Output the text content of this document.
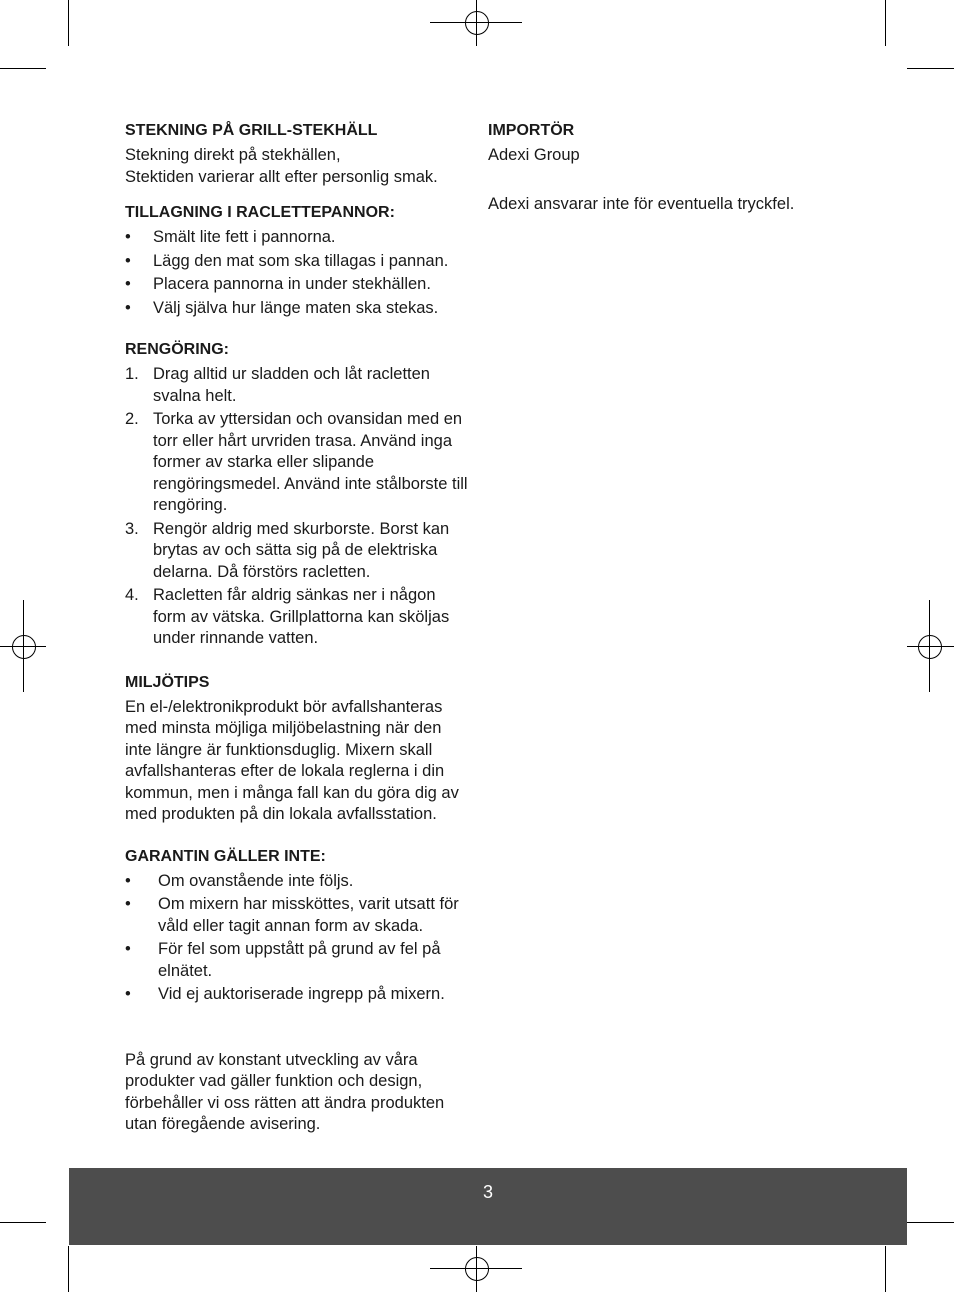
STEKNING PÅ GRILL-STEKHÄLL

Stekning direkt på stekhällen,

Stektiden varierar allt efter personlig smak.

TILLAGNING I RACLETTEPANNOR:
• Smält lite fett i pannorna.
• Lägg den mat som ska tillagas i pannan.
• Placera pannorna in under stekhällen.
• Välj själva hur länge maten ska stekas.
RENGÖRING:
1. Drag alltid ur sladden och låt racletten svalna helt.
2. Torka av yttersidan och ovansidan med en torr eller hårt urvriden trasa. Använd inga former av starka eller slipande rengöringsmedel. Använd inte stålborste till rengöring.
3. Rengör aldrig med skurborste. Borst kan brytas av och sätta sig på de elektriska delarna. Då förstörs racletten.
4. Racletten får aldrig sänkas ner i någon form av vätska. Grillplattorna kan sköljas under rinnande vatten.
MILJÖTIPS

En el-/elektronikprodukt bör avfallshanteras med minsta möjliga miljöbelastning när den inte längre är funktionsduglig. Mixern skall avfallshanteras efter de lokala reglerna i din kommun, men i många fall kan du göra dig av med produkten på din lokala avfallsstation.

GARANTIN GÄLLER INTE:
• Om ovanstående inte följs.
• Om mixern har missköttes, varit utsatt för våld eller tagit annan form av skada.
• För fel som uppstått på grund av fel på elnätet.
• Vid ej auktoriserade ingrepp på mixern.

På grund av konstant utveckling av våra produkter vad gäller funktion och design, förbehåller vi oss rätten att ändra produkten utan föregående avisering.

IMPORTÖR

Adexi Group

Adexi ansvarar inte för eventuella tryckfel.

3
